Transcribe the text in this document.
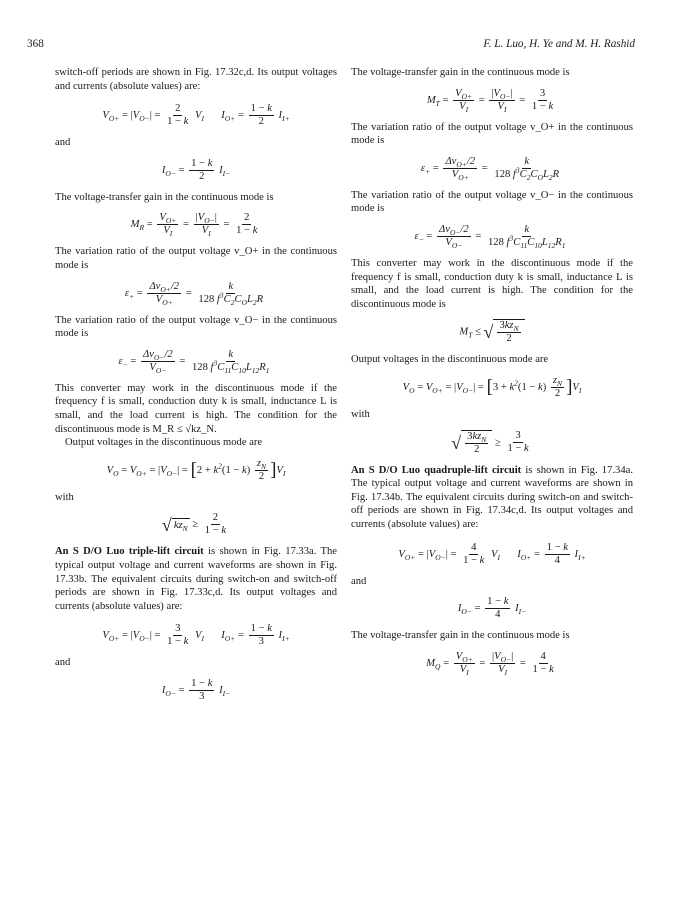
368	F. L. Luo, H. Ye and M. H. Rashid

switch-off periods are shown in Fig. 17.32c,d. Its output voltages and currents (absolute values) are:

$V_{O+} = |V_{O-}| = \frac{2}{1 - k} V_I$  $I_{O+} = \frac{1 - k}{2} I_{I+}$

and

$I_{O-} = \frac{1 - k}{2} I_{I-}$

The voltage-transfer gain in the continuous mode is

$M_R = \frac{V_{O+}}{V_I} = \frac{|V_{O-}|}{V_I} = \frac{2}{1 - k}$

The variation ratio of the output voltage v_O+ in the continuous mode is

$\varepsilon_+ = \frac{\Delta v_{O+}/2}{V_{O+}} = \frac{k}{128 f^3C_2C_OL_2R}$

The variation ratio of the output voltage v_O− in the continuous mode is

$\varepsilon_- = \frac{\Delta v_{O-}/2}{V_{O-}} = \frac{k}{128 f^3C_{11}C_{10}L_{12}R_1}$

This converter may work in the discontinuous mode if the frequency f is small, conduction duty k is small, inductance L is small, and the load current is high. The condition for the discontinuous mode is M_R ≤ √kz_N.

Output voltages in the discontinuous mode are

$V_O = V_{O+} = |V_{O-}| = [2 + k^2(1 - k) \frac{z_N}{2} ]V_I$

with

√ $kz_N \ge \frac{2}{1 - k}$

An S D/O Luo triple-lift circuit is shown in Fig. 17.33a. The typical output voltage and current waveforms are shown in Fig. 17.33b. The equivalent circuits during switch-on and switch-off periods are shown in Fig. 17.33c,d. Its output voltages and currents (absolute values) are:

$V_{O+} = |V_{O-}| = \frac{3}{1 - k} V_I$  $I_{O+} = \frac{1 - k}{3} I_{I+}$

and

$I_{O-} = \frac{1 - k}{3} I_{I-}$

The voltage-transfer gain in the continuous mode is

$M_T = \frac{V_{O+}}{V_I} = \frac{|V_{O-}|}{V_I} = \frac{3}{1 - k}$

The variation ratio of the output voltage v_O+ in the continuous mode is

$\varepsilon_+ = \frac{\Delta v_{O+}/2}{V_{O+}} = \frac{k}{128 f^3C_2C_OL_2R}$

The variation ratio of the output voltage v_O− in the continuous mode is

$\varepsilon_- = \frac{\Delta v_{O-}/2}{V_{O-}} = \frac{k}{128 f^3C_{11}C_{10}L_{12}R_1}$

This converter may work in the discontinuous mode if the frequency f is small, conduction duty k is small, inductance L is small, and the load current is high. The condition for the discontinuous mode is

$M_T$ ≤ √ $\frac{3kz_N}{2}$

Output voltages in the discontinuous mode are

$V_O = V_{O+} = |V_{O-}| = [3 + k^2(1 - k) \frac{z_N}{2} ]V_I$

with

√ $\frac{3kz_N}{2} \ge \frac{3}{1 - k}$

An S D/O Luo quadruple-lift circuit is shown in Fig. 17.34a. The typical output voltage and current waveforms are shown in Fig. 17.34b. The equivalent circuits during switch-on and switch-off periods are shown in Fig. 17.34c,d. Its output voltages and currents (absolute values) are:

$V_{O+} = |V_{O-}| = \frac{4}{1 - k} V_I$  $I_{O+} = \frac{1 - k}{4} I_{I+}$

and

$I_{O-} = \frac{1 - k}{4} I_{I-}$

The voltage-transfer gain in the continuous mode is

$M_Q = \frac{V_{O+}}{V_I} = \frac{|V_{O-}|}{V_I} = \frac{4}{1 - k}$
